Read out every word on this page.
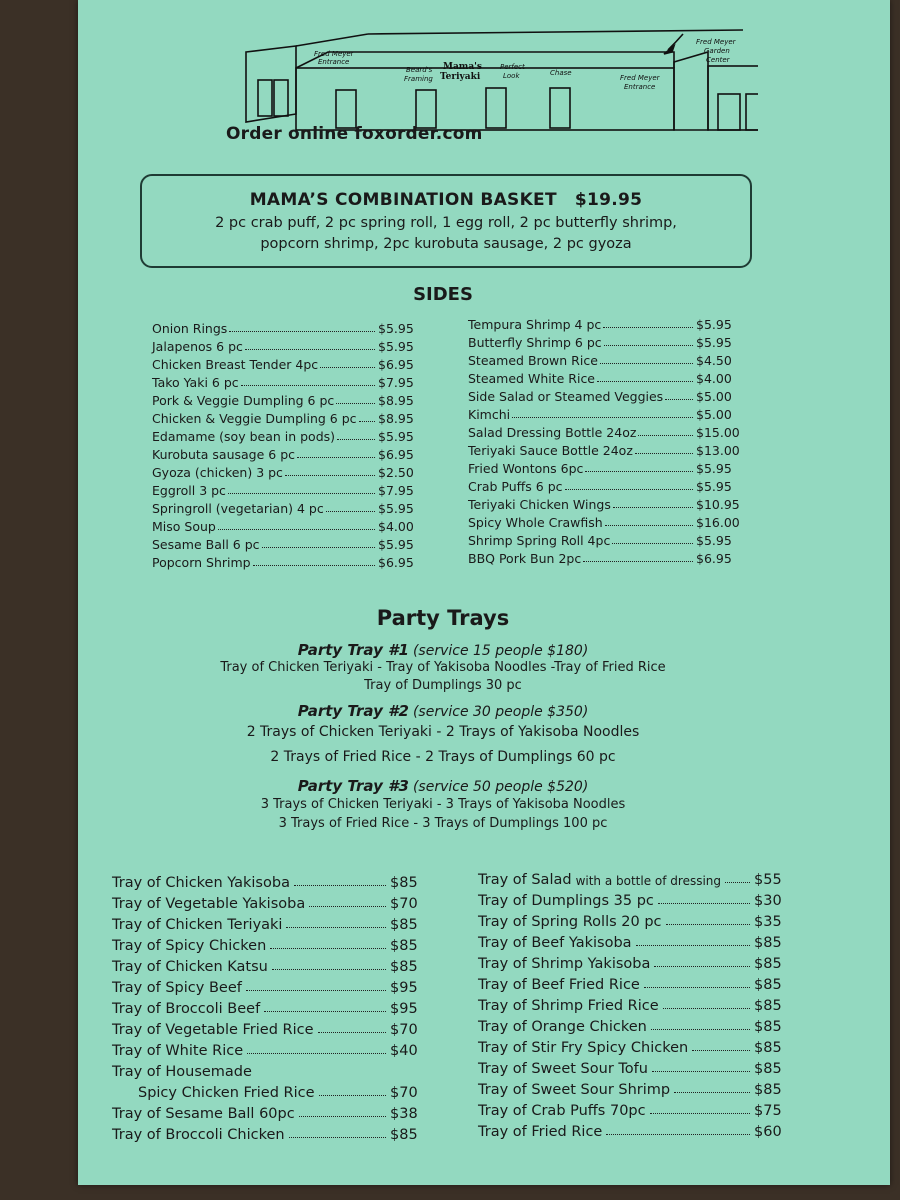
Fred Meyer
Entrance
Beard's
Framing
Mama's
Teriyaki
Perfect
Look	Chase
Fred Meyer
Entrance
Fred Meyer
Garden
Center
Order online foxorder.com
MAMA’S COMBINATION BASKET $19.95
2 pc crab puff, 2 pc spring roll, 1 egg roll, 2 pc butterfly shrimp,
popcorn shrimp, 2pc kurobuta sausage, 2 pc gyoza
SIDES
Onion Rings	$5.95
Jalapenos 6 pc	$5.95
Chicken Breast Tender 4pc	$6.95
Tako Yaki 6 pc	$7.95
Pork & Veggie Dumpling 6 pc	$8.95
Chicken & Veggie Dumpling 6 pc $8.95
Edamame (soy bean in pods)	$5.95
Kurobuta sausage 6 pc	$6.95
Gyoza (chicken) 3 pc	$2.50
Eggroll 3 pc	$7.95
Springroll (vegetarian) 4 pc	$5.95
Miso Soup	$4.00
Sesame Ball 6 pc	$5.95
Popcorn Shrimp	$6.95
Tempura Shrimp 4 pc	$5.95
Butterfly Shrimp 6 pc	$5.95
Steamed Brown Rice	$4.50
Steamed White Rice	$4.00
Side Salad or Steamed Veggies	$5.00
Kimchi	$5.00
Salad Dressing Bottle 24oz	$15.00
Teriyaki Sauce Bottle 24oz	$13.00
Fried Wontons 6pc	$5.95
Crab Puffs 6 pc	$5.95
Teriyaki Chicken Wings	$10.95
Spicy Whole Crawfish	$16.00
Shrimp Spring Roll 4pc	$5.95
BBQ Pork Bun 2pc	$6.95
Party Trays
Party Tray #1 (service 15 people $180)
Tray of Chicken Teriyaki - Tray of Yakisoba Noodles -Tray of Fried Rice
Tray of Dumplings 30 pc
Party Tray #2 (service 30 people $350)
2 Trays of Chicken Teriyaki - 2 Trays of Yakisoba Noodles
2 Trays of Fried Rice - 2 Trays of Dumplings 60 pc
Party Tray #3 (service 50 people $520)
3 Trays of Chicken Teriyaki - 3 Trays of Yakisoba Noodles
3 Trays of Fried Rice - 3 Trays of Dumplings 100 pc
Tray of Chicken Yakisoba	$85
Tray of Vegetable Yakisoba	$70
Tray of Chicken Teriyaki	$85
Tray of Spicy Chicken	$85
Tray of Chicken Katsu	$85
Tray of Spicy Beef	$95
Tray of Broccoli Beef	$95
Tray of Vegetable Fried Rice	$70
Tray of White Rice	$40
Tray of Housemade
Spicy Chicken Fried Rice	$70
Tray of Sesame Ball 60pc	$38
Tray of Broccoli Chicken	$85
Tray of Salad with a bottle of dressing $55
Tray of Dumplings 35 pc	$30
Tray of Spring Rolls 20 pc	$35
Tray of Beef Yakisoba	$85
Tray of Shrimp Yakisoba	$85
Tray of Beef Fried Rice	$85
Tray of Shrimp Fried Rice	$85
Tray of Orange Chicken	$85
Tray of Stir Fry Spicy Chicken	$85
Tray of Sweet Sour Tofu	$85
Tray of Sweet Sour Shrimp	$85
Tray of Crab Puffs 70pc	$75
Tray of Fried Rice	$60
